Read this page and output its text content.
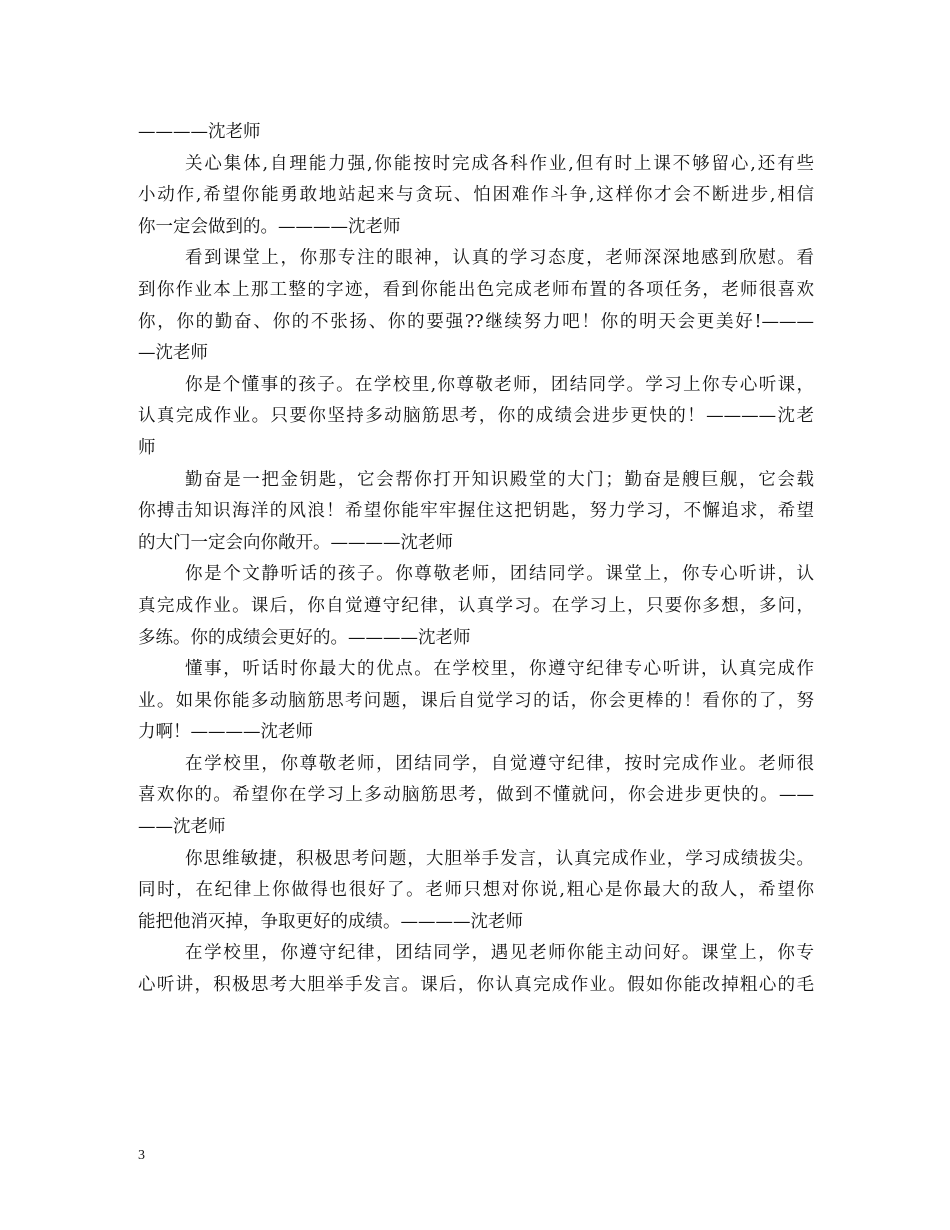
————沈老师
关心集体,自理能力强,你能按时完成各科作业,但有时上课不够留心,还有些
小动作,希望你能勇敢地站起来与贪玩、怕困难作斗争,这样你才会不断进步,相信
你一定会做到的。————沈老师
看到课堂上，你那专注的眼神，认真的学习态度，老师深深地感到欣慰。看
到你作业本上那工整的字迹，看到你能出色完成老师布置的各项任务，老师很喜欢
你，你的勤奋、你的不张扬、你的要强??继续努力吧！你的明天会更美好!———
—沈老师
你是个懂事的孩子。在学校里,你尊敬老师，团结同学。学习上你专心听课，
认真完成作业。只要你坚持多动脑筋思考，你的成绩会进步更快的！————沈老
师
勤奋是一把金钥匙，它会帮你打开知识殿堂的大门；勤奋是艘巨舰，它会载
你搏击知识海洋的风浪！希望你能牢牢握住这把钥匙，努力学习，不懈追求，希望
的大门一定会向你敞开。————沈老师
你是个文静听话的孩子。你尊敬老师，团结同学。课堂上，你专心听讲，认
真完成作业。课后，你自觉遵守纪律，认真学习。在学习上，只要你多想，多问，
多练。你的成绩会更好的。————沈老师
懂事，听话时你最大的优点。在学校里，你遵守纪律专心听讲，认真完成作
业。如果你能多动脑筋思考问题，课后自觉学习的话，你会更棒的！看你的了，努
力啊！————沈老师
在学校里，你尊敬老师，团结同学，自觉遵守纪律，按时完成作业。老师很
喜欢你的。希望你在学习上多动脑筋思考，做到不懂就问，你会进步更快的。——
——沈老师
你思维敏捷，积极思考问题，大胆举手发言，认真完成作业，学习成绩拔尖。
同时，在纪律上你做得也很好了。老师只想对你说,粗心是你最大的敌人，希望你
能把他消灭掉，争取更好的成绩。————沈老师
在学校里，你遵守纪律，团结同学，遇见老师你能主动问好。课堂上，你专
心听讲，积极思考大胆举手发言。课后，你认真完成作业。假如你能改掉粗心的毛
3
